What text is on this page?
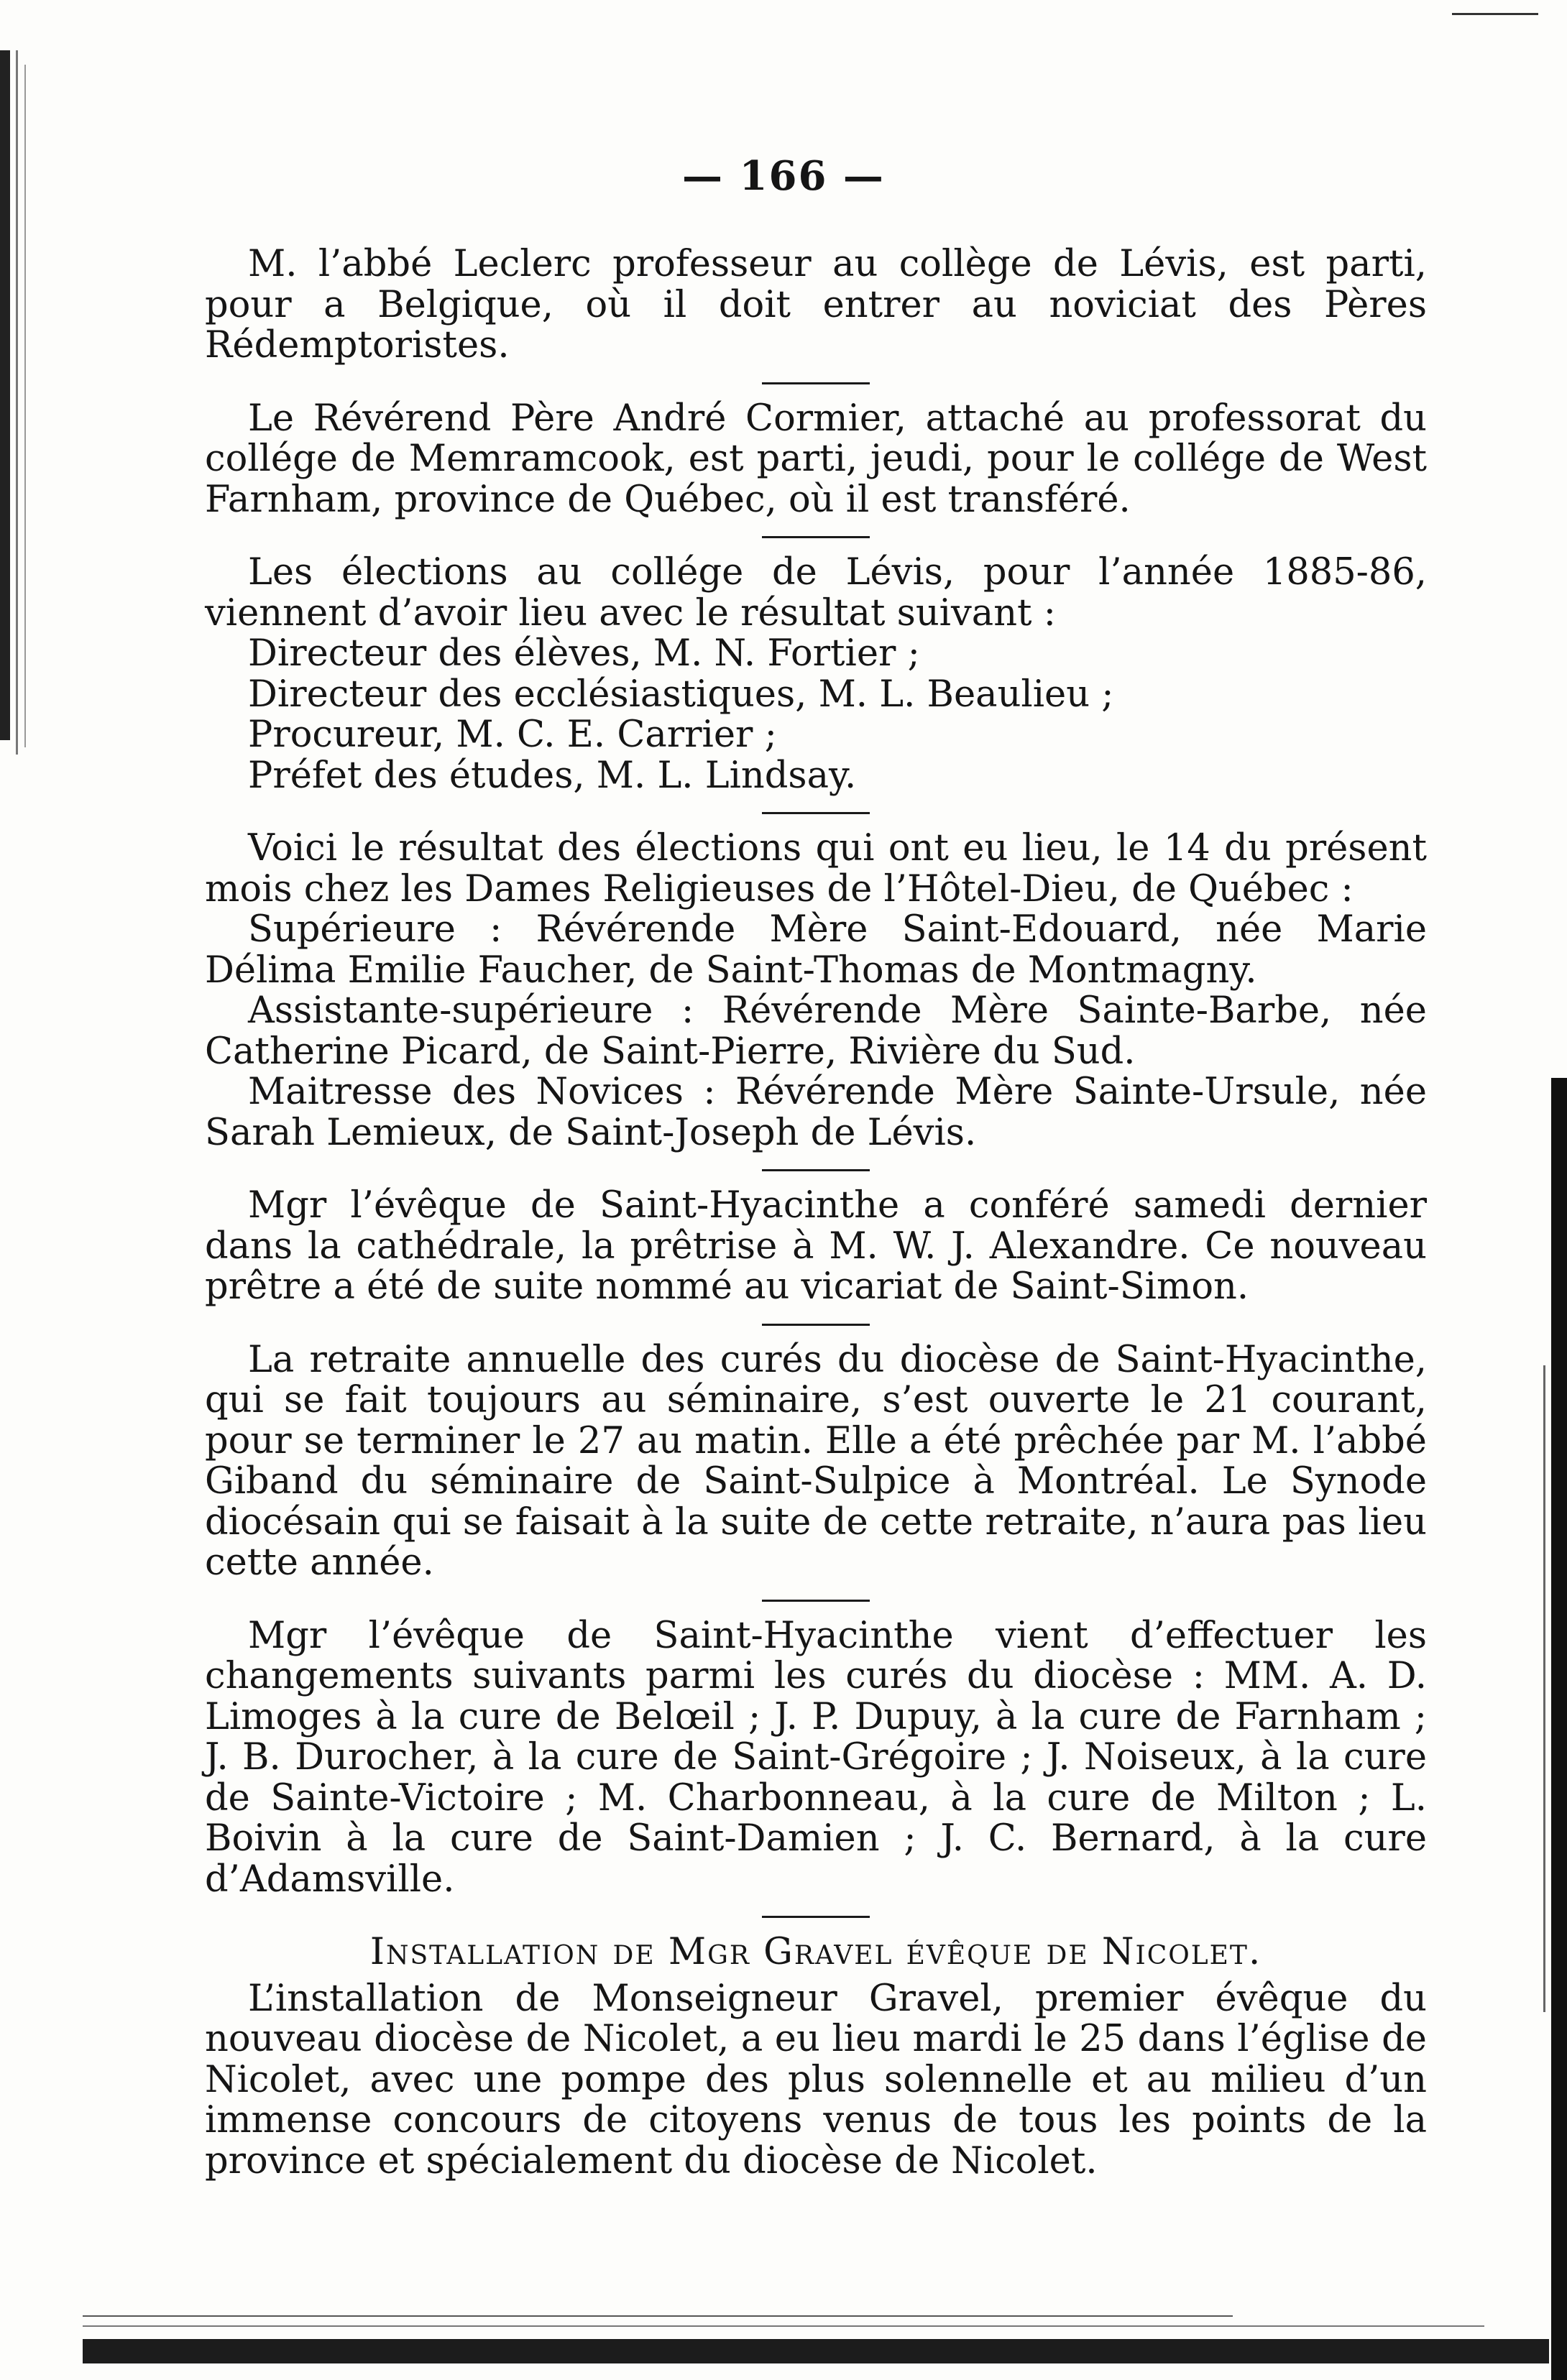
— 166 —

M. l’abbé Leclerc professeur au collège de Lévis, est parti, pour a Belgique, où il doit entrer au noviciat des Pères Rédemptoristes.

Le Révérend Père André Cormier, attaché au professorat du collége de Memramcook, est parti, jeudi, pour le collége de West Farnham, province de Québec, où il est transféré.

Les élections au collége de Lévis, pour l’année 1885-86, viennent d’avoir lieu avec le résultat suivant :

Directeur des élèves, M. N. Fortier ;
Directeur des ecclésiastiques, M. L. Beaulieu ;
Procureur, M. C. E. Carrier ;
Préfet des études, M. L. Lindsay.

Voici le résultat des élections qui ont eu lieu, le 14 du présent mois chez les Dames Religieuses de l’Hôtel-Dieu, de Québec :

Supérieure : Révérende Mère Saint-Edouard, née Marie Délima Emilie Faucher, de Saint-Thomas de Montmagny.

Assistante-supérieure : Révérende Mère Sainte-Barbe, née Catherine Picard, de Saint-Pierre, Rivière du Sud.

Maitresse des Novices : Révérende Mère Sainte-Ursule, née Sarah Lemieux, de Saint-Joseph de Lévis.

Mgr l’évêque de Saint-Hyacinthe a conféré samedi dernier dans la cathédrale, la prêtrise à M. W. J. Alexandre. Ce nouveau prêtre a été de suite nommé au vicariat de Saint-Simon.

La retraite annuelle des curés du diocèse de Saint-Hyacinthe, qui se fait toujours au séminaire, s’est ouverte le 21 courant, pour se terminer le 27 au matin. Elle a été prêchée par M. l’abbé Giband du séminaire de Saint-Sulpice à Montréal. Le Synode diocésain qui se faisait à la suite de cette retraite, n’aura pas lieu cette année.

Mgr l’évêque de Saint-Hyacinthe vient d’effectuer les changements suivants parmi les curés du diocèse : MM. A. D. Limoges à la cure de Belœil ; J. P. Dupuy, à la cure de Farnham ; J. B. Durocher, à la cure de Saint-Grégoire ; J. Noiseux, à la cure de Sainte-Victoire ; M. Charbonneau, à la cure de Milton ; L. Boivin à la cure de Saint-Damien ; J. C. Bernard, à la cure d’Adamsville.

Installation de Mgr Gravel évêque de Nicolet.

L’installation de Monseigneur Gravel, premier évêque du nouveau diocèse de Nicolet, a eu lieu mardi le 25 dans l’église de Nicolet, avec une pompe des plus solennelle et au milieu d’un immense concours de citoyens venus de tous les points de la province et spécialement du diocèse de Nicolet.
